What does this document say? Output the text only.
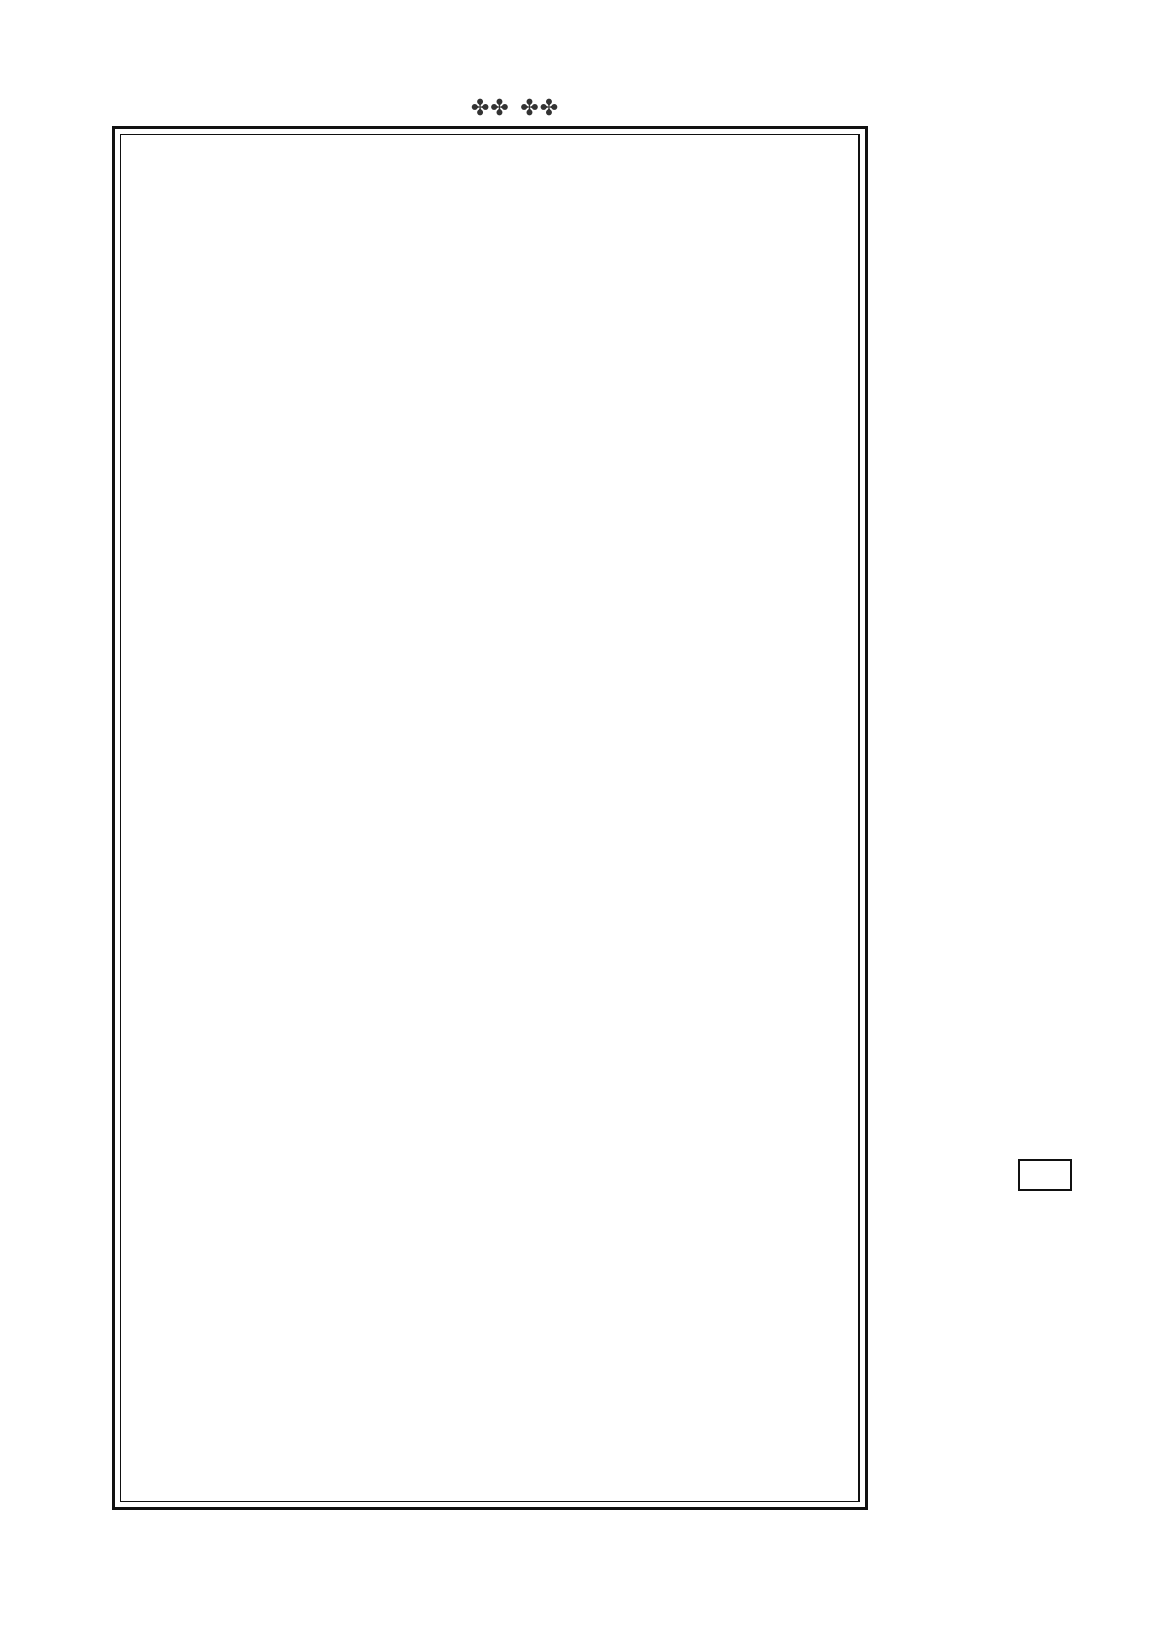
✤✤ ✤✤
